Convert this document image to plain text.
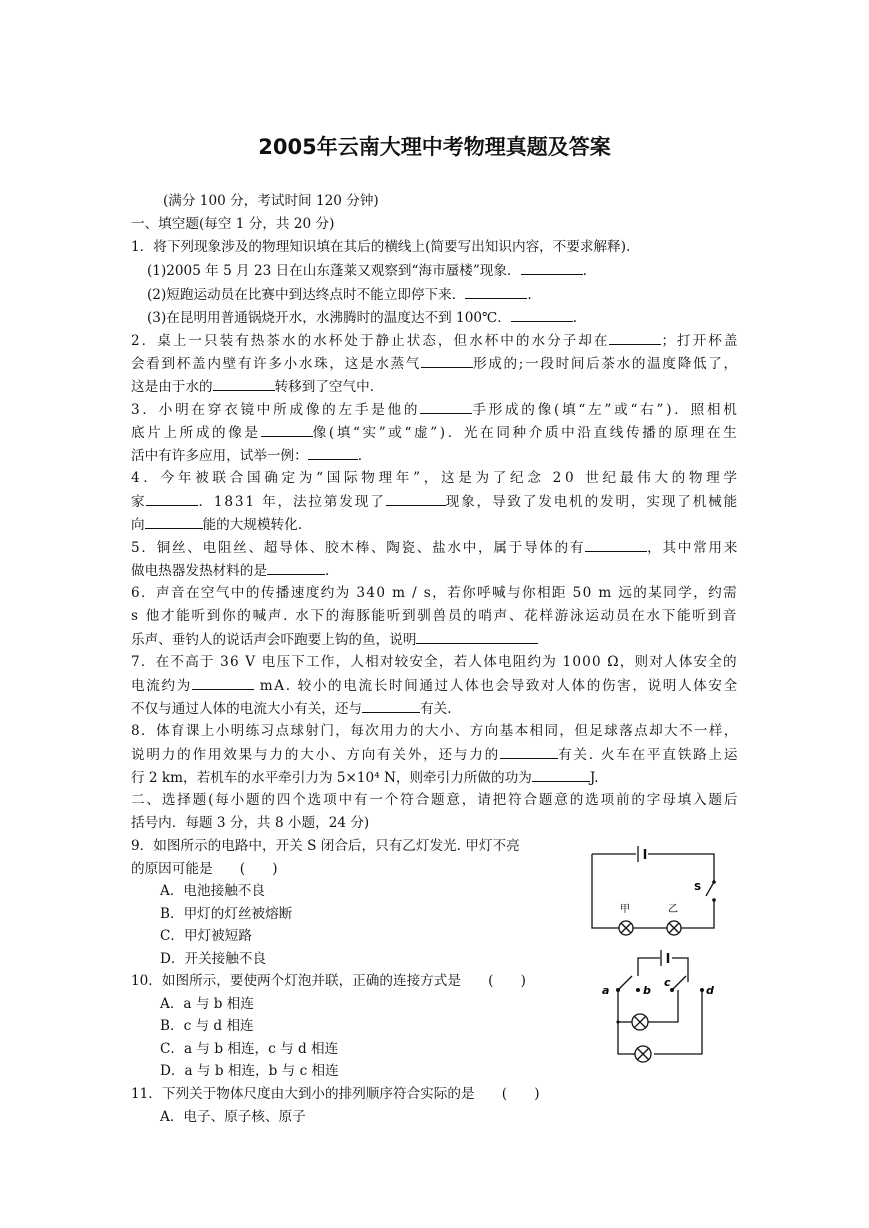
2005年云南大理中考物理真题及答案
(满分 100 分，考试时间 120 分钟)
一、填空题(每空 1 分，共 20 分)
1．将下列现象涉及的物理知识填在其后的横线上(简要写出知识内容，不要求解释).
(1)2005 年 5 月 23 日在山东蓬莱又观察到“海市蜃楼”现象．	.
(2)短跑运动员在比赛中到达终点时不能立即停下来．	.
(3)在昆明用普通锅烧开水，水沸腾时的温度达不到 100℃．	.
2．桌上一只装有热茶水的水杯处于静止状态，但水杯中的水分子却在	；打开杯盖
会看到杯盖内壁有许多小水珠，这是水蒸气	形成的;一段时间后茶水的温度降低了，
这是由于水的	转移到了空气中.
3．小明在穿衣镜中所成像的左手是他的	手形成的像(填“左”或“右”)．照相机
底片上所成的像是	像(填“实”或“虚”)．光在同种介质中沿直线传播的原理在生
活中有许多应用，试举一例：	.
4．今年被联合国确定为“国际物理年”，这是为了纪念 20 世纪最伟大的物理学
家	．1831 年，法拉第发现了	现象，导致了发电机的发明，实现了机械能
向	能的大规模转化.
5．铜丝、电阻丝、超导体、胶木棒、陶瓷、盐水中，属于导体的有	，其中常用来
做电热器发热材料的是	.
6．声音在空气中的传播速度约为 340 m / s，若你呼喊与你相距 50 m 远的某同学，约需
s 他才能听到你的喊声. 水下的海豚能听到驯兽员的哨声、花样游泳运动员在水下能听到音
乐声、垂钓人的说话声会吓跑要上钩的鱼，说明
7．在不高于 36 V 电压下工作，人相对较安全，若人体电阻约为 1000 Ω，则对人体安全的
电流约为	mA. 较小的电流长时间通过人体也会导致对人体的伤害，说明人体安全
不仅与通过人体的电流大小有关，还与	有关.
8．体育课上小明练习点球射门，每次用力的大小、方向基本相同，但足球落点却大不一样，
说明力的作用效果与力的大小、方向有关外，还与力的	有关. 火车在平直铁路上运
行 2 km，若机车的水平牵引力为 5×10⁴ N，则牵引力所做的功为	J.
二、选择题(每小题的四个选项中有一个符合题意，请把符合题意的选项前的字母填入题后
括号内．每题 3 分，共 8 小题，24 分)
9．如图所示的电路中，开关 S 闭合后，只有乙灯发光. 甲灯不亮
的原因可能是　　(　　)
A．电池接触不良
B．甲灯的灯丝被熔断
C．甲灯被短路
D．开关接触不良
10．如图所示，要使两个灯泡并联，正确的连接方式是　　(　　)
A．a 与 b 相连
B．c 与 d 相连
C．a 与 b 相连，c 与 d 相连
D．a 与 b 相连，b 与 c 相连
11．下列关于物体尺度由大到小的排列顺序符合实际的是　　(　　)
A．电子、原子核、原子
S
甲	乙
a	b
c
d
